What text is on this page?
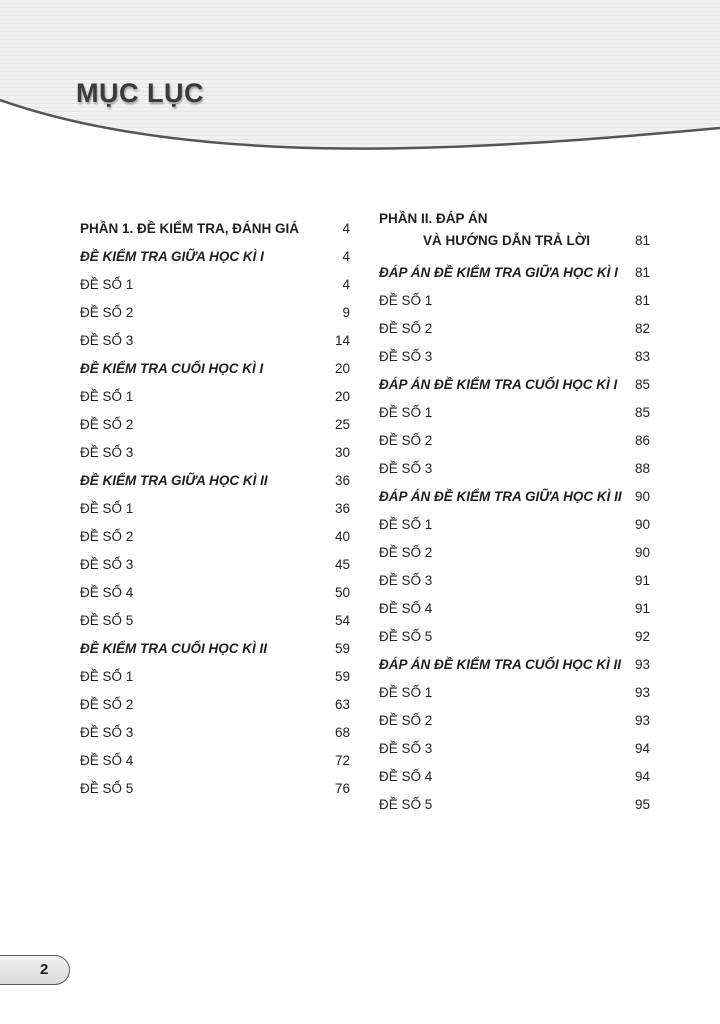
MỤC LỤC
PHẦN 1. ĐỀ KIỂM TRA, ĐÁNH GIÁ	4
ĐỀ KIỂM TRA GIỮA HỌC KÌ I	4
ĐỀ SỐ 1	4
ĐỀ SỐ 2	9
ĐỀ SỐ 3	14
ĐỀ KIỂM TRA CUỐI HỌC KÌ I	20
ĐỀ SỐ 1	20
ĐỀ SỐ 2	25
ĐỀ SỐ 3	30
ĐỀ KIỂM TRA GIỮA HỌC KÌ II	36
ĐỀ SỐ 1	36
ĐỀ SỐ 2	40
ĐỀ SỐ 3	45
ĐỀ SỐ 4	50
ĐỀ SỐ 5	54
ĐỀ KIỂM TRA CUỐI HỌC KÌ II	59
ĐỀ SỐ 1	59
ĐỀ SỐ 2	63
ĐỀ SỐ 3	68
ĐỀ SỐ 4	72
ĐỀ SỐ 5	76
PHẦN II. ĐÁP ÁN
VÀ HƯỚNG DẪN TRẢ LỜI	81
ĐÁP ÁN ĐỀ KIỂM TRA GIỮA HỌC KÌ I	81
ĐỀ SỐ 1	81
ĐỀ SỐ 2	82
ĐỀ SỐ 3	83
ĐÁP ÁN ĐỀ KIỂM TRA CUỐI HỌC KÌ I	85
ĐỀ SỐ 1	85
ĐỀ SỐ 2	86
ĐỀ SỐ 3	88
ĐÁP ÁN ĐỀ KIỂM TRA GIỮA HỌC KÌ II 90
ĐỀ SỐ 1	90
ĐỀ SỐ 2	90
ĐỀ SỐ 3	91
ĐỀ SỐ 4	91
ĐỀ SỐ 5	92
ĐÁP ÁN ĐỀ KIỂM TRA CUỐI HỌC KÌ II	93
ĐỀ SỐ 1	93
ĐỀ SỐ 2	93
ĐỀ SỐ 3	94
ĐỀ SỐ 4	94
ĐỀ SỐ 5	95
2
